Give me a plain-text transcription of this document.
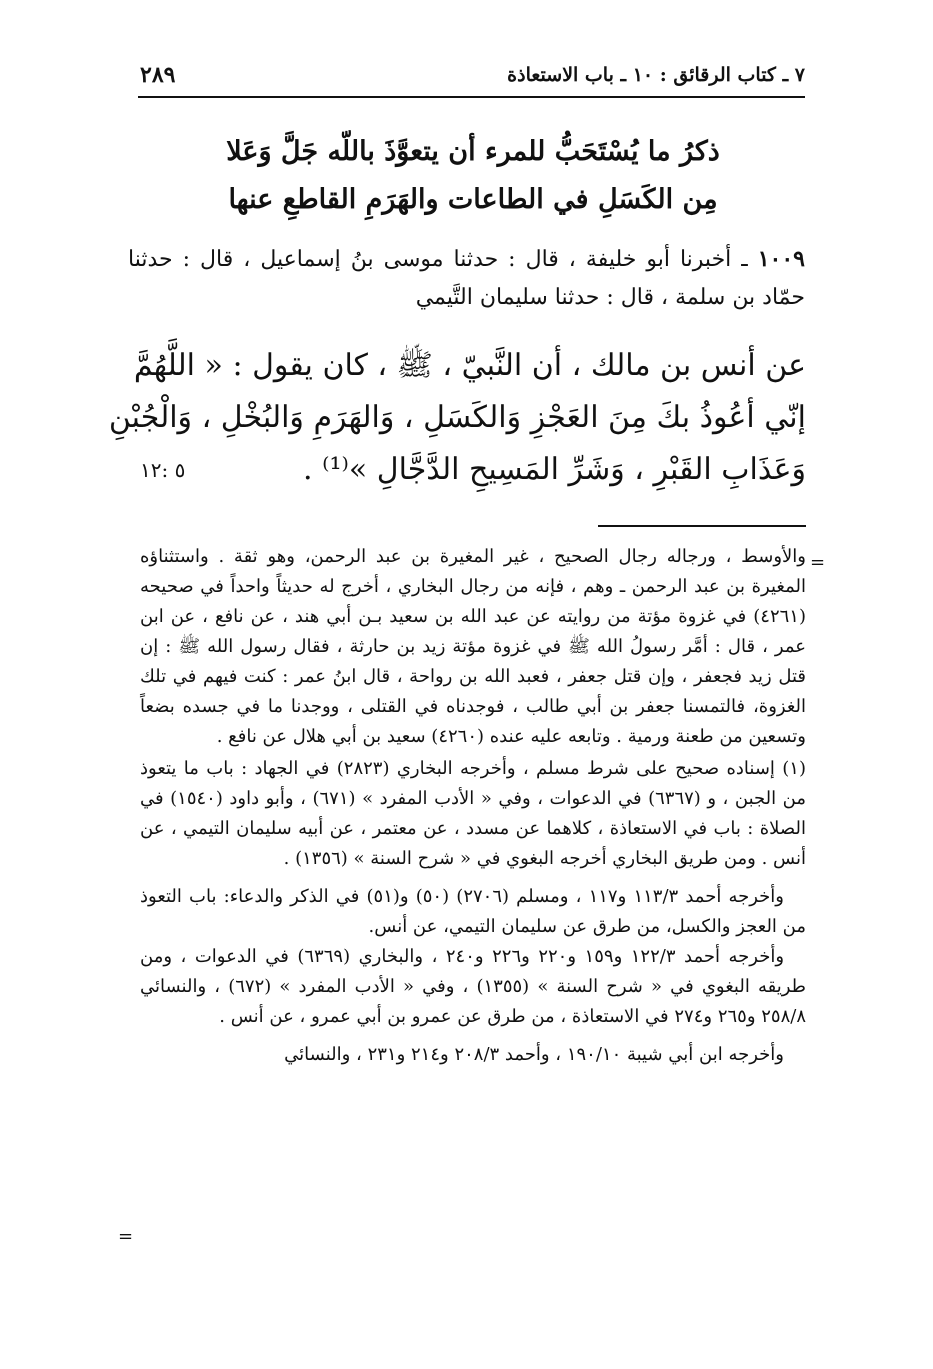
٢٨٩	٧ ـ كتاب الرقائق : ١٠ ـ باب الاستعاذة
ذكرُ ما يُسْتَحَبُّ للمرء أن يتعوَّذَ باللّه جَلَّ وَعَلا
مِن الكَسَلِ في الطاعات والهَرَمِ القاطعِ عنها
١٠٠٩ ـ أخبرنا أبو خليفة ، قال : حدثنا موسى بنُ إسماعيل ، قال : حدثنا حمّاد بن سلمة ، قال : حدثنا سليمان التَّيمي
عن أنس بن مالك ، أن النَّبيّ ، ﷺ ، كان يقول : « اللَّهُمَّ
إنّي أعُوذُ بكَ مِنَ العَجْزِ وَالكَسَلِ ، وَالهَرَمِ وَالبُخْلِ ، وَالْجُبْنِ
وَعَذَابِ القَبْرِ ، وَشَرِّ المَسِيحِ الدَّجَّالِ »⁽¹⁾ .
٥ :١٢
=

والأوسط ، ورجاله رجال الصحيح ، غير المغيرة بن عبد الرحمن، وهو ثقة . واستثناؤه المغيرة بن عبد الرحمن ـ وهم ، فإنه من رجال البخاري ، أخرج له حديثاً واحداً في صحيحه (٤٢٦١) في غزوة مؤتة من روايته عن عبد الله بن سعيد بـن أبي هند ، عن نافع ، عن ابن عمر ، قال : أمَّر رسولُ الله ﷺ في غزوة مؤتة زيد بن حارثة ، فقال رسول الله ﷺ : إن قتل زيد فجعفر ، وإن قتل جعفر ، فعبد الله بن رواحة ، قال ابنُ عمر : كنت فيهم في تلك الغزوة، فالتمسنا جعفر بن أبي طالب ، فوجدناه في القتلى ، ووجدنا ما في جسده بضعاً وتسعين من طعنة ورمية . وتابعه عليه عنده (٤٢٦٠) سعيد بن أبي هلال عن نافع .

(١) إسناده صحيح على شرط مسلم ، وأخرجه البخاري (٢٨٢٣) في الجهاد : باب ما يتعوذ من الجبن ، و (٦٣٦٧) في الدعوات ، وفي « الأدب المفرد » (٦٧١) ، وأبو داود (١٥٤٠) في الصلاة : باب في الاستعاذة ، كلاهما عن مسدد ، عن معتمر ، عن أبيه سليمان التيمي ، عن أنس . ومن طريق البخاري أخرجه البغوي في « شرح السنة » (١٣٥٦) .

وأخرجه أحمد ١١٣/٣ و١١٧ ، ومسلم (٢٧٠٦) (٥٠) و(٥١) في الذكر والدعاء: باب التعوذ من العجز والكسل، من طرق عن سليمان التيمي، عن أنس.

وأخرجه أحمد ١٢٢/٣ و١٥٩ و٢٢٠ و٢٢٦ و٢٤٠ ، والبخاري (٦٣٦٩) في الدعوات ، ومن طريقه البغوي في « شرح السنة » (١٣٥٥) ، وفي « الأدب المفرد » (٦٧٢) ، والنسائي ٢٥٨/٨ و٢٦٥ و٢٧٤ في الاستعاذة ، من طرق عن عمرو بن أبي عمرو ، عن أنس .

وأخرجه ابن أبي شيبة ١٩٠/١٠ ، وأحمد ٢٠٨/٣ و٢١٤ و٢٣١ ، والنسائي

=
